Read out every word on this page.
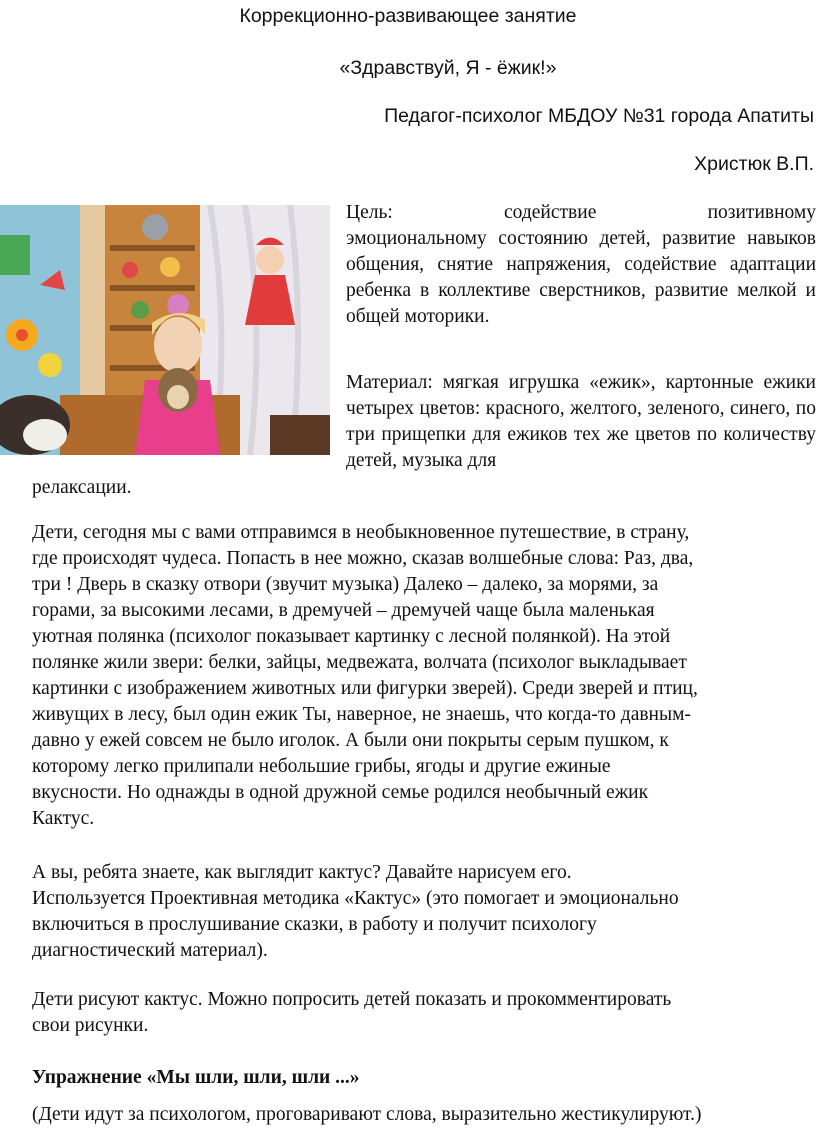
Коррекционно-развивающее занятие
«Здравствуй, Я - ёжик!»
Педагог-психолог МБДОУ №31 города Апатиты
Христюк В.П.
Цель:	содействие	позитивному

эмоциональному состоянию детей, развитие навыков общения, снятие напряжения, содействие адаптации ребенка в коллективе сверстников, развитие мелкой и общей моторики.

Материал: мягкая игрушка «ежик», картонные ежики четырех цветов: красного, желтого, зеленого, синего, по три прищепки для ежиков тех же цветов по количеству детей, музыка для

релаксации.

Дети, сегодня мы с вами отправимся в необыкновенное путешествие, в страну,

где происходят чудеса. Попасть в нее можно, сказав волшебные слова: Раз, два,

три ! Дверь в сказку отвори (звучит музыка) Далеко – далеко, за морями, за

горами, за высокими лесами, в дремучей – дремучей чаще была маленькая

уютная полянка (психолог показывает картинку с лесной полянкой). На этой

полянке жили звери: белки, зайцы, медвежата, волчата (психолог выкладывает

картинки с изображением животных или фигурки зверей). Среди зверей и птиц,

живущих в лесу, был один ежик Ты, наверное, не знаешь, что когда-то давным-

давно у ежей совсем не было иголок. А были они покрыты серым пушком, к

которому легко прилипали небольшие грибы, ягоды и другие ежиные

вкусности. Но однажды в одной дружной семье родился необычный ежик

Кактус.

А вы, ребята знаете, как выглядит кактус? Давайте нарисуем его.

Используется Проективная методика «Кактус» (это помогает и эмоционально

включиться в прослушивание сказки, в работу и получит психологу

диагностический материал).

Дети рисуют кактус. Можно попросить детей показать и прокомментировать

свои рисунки.

Упражнение «Мы шли, шли, шли ...»
(Дети идут за психологом, проговаривают слова, выразительно жестикулируют.)
